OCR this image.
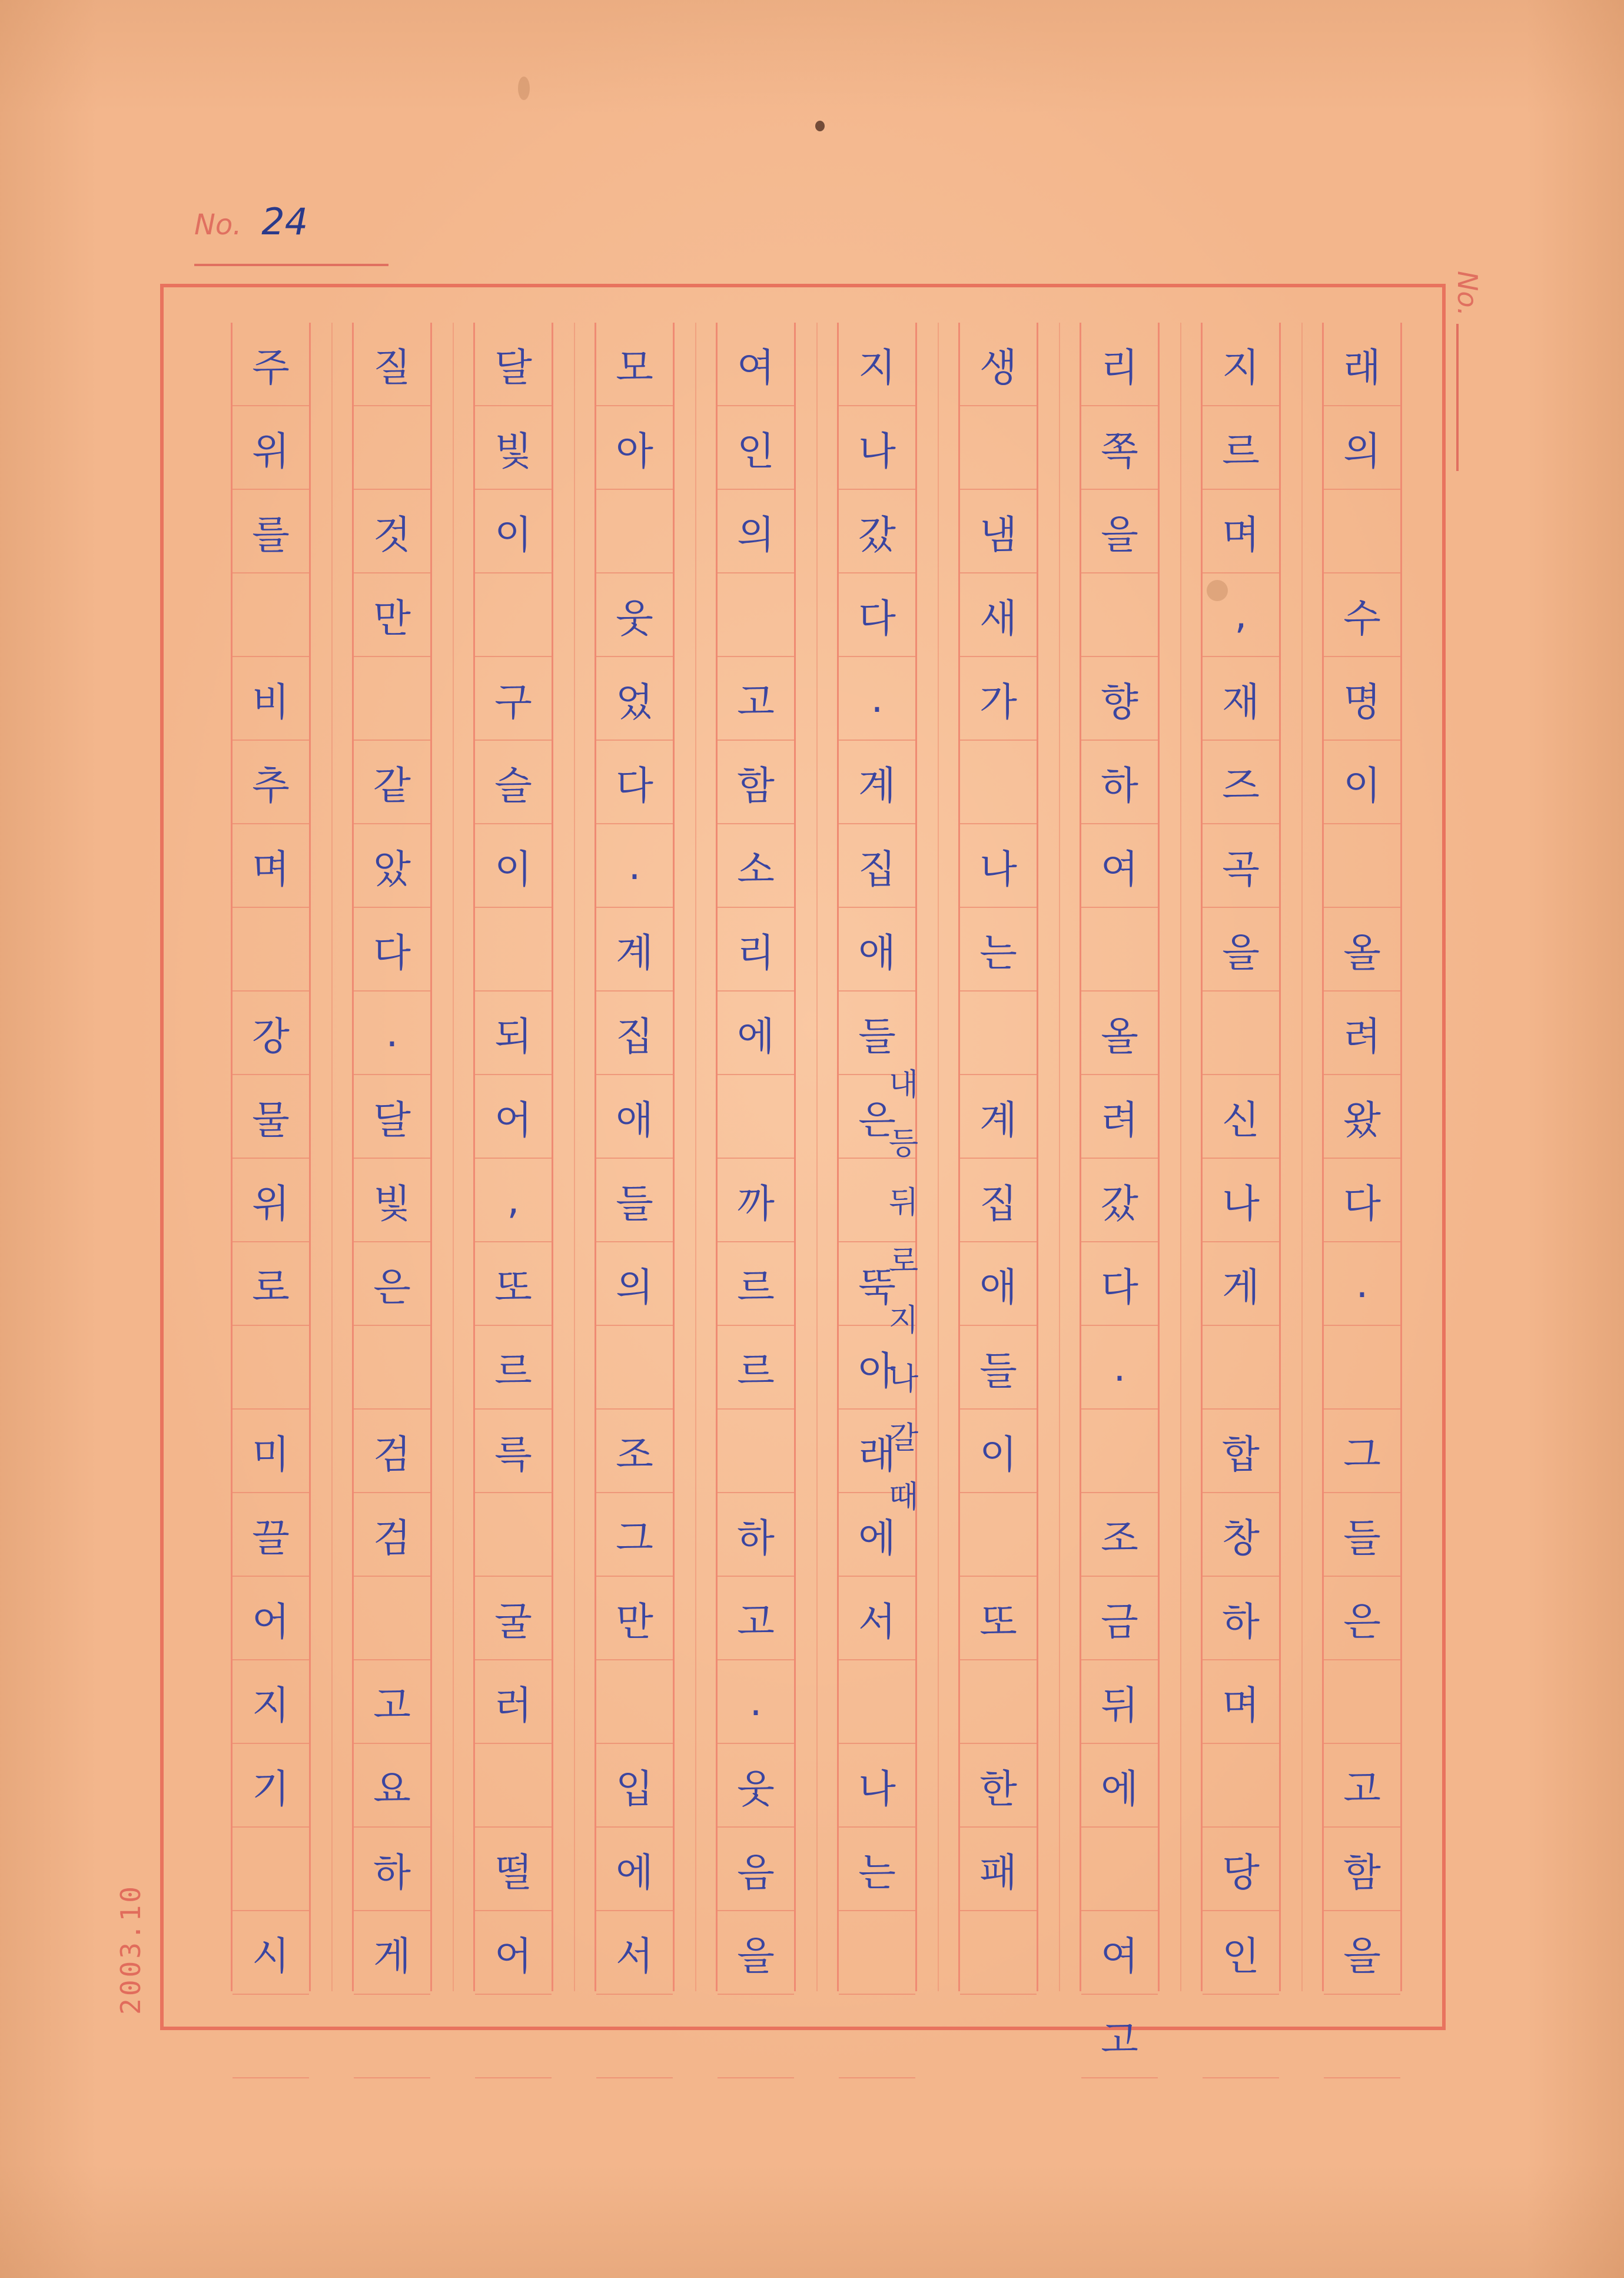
No. 24
No.
래
의
수
명
이
올
려
왔
다
.
그
들
은
고
함
을
지
르
며
,
재
즈
곡
을
신
나
게
합
창
하
며
당
인
리
쪽
을
향
하
여
올
려
갔
다
.
조
금
뒤
에
여
고
생
냄
새
가
나
는
계
집
애
들
이
또
한
패
지
나
갔
다
.
계
집
애
들
은
뚝
아
래
에
서
나
는
여
인
의
고
함
소
리
에
까
르
르
하
고
.
웃
음
을
모
아
웃
었
다
.
계
집
애
들
의
조
그
만
입
에
서
달
빛
이
구
슬
이
되
어
,
또
르
륵
굴
러
떨
어
질
것
만
같
았
다
.
달
빛
은
검
검
고
요
하
게
주
위
를
비
추
며
강
물
위
로
미
끌
어
지
기
시
내
등
뒤
로
지
나
갈
때
2003.10
